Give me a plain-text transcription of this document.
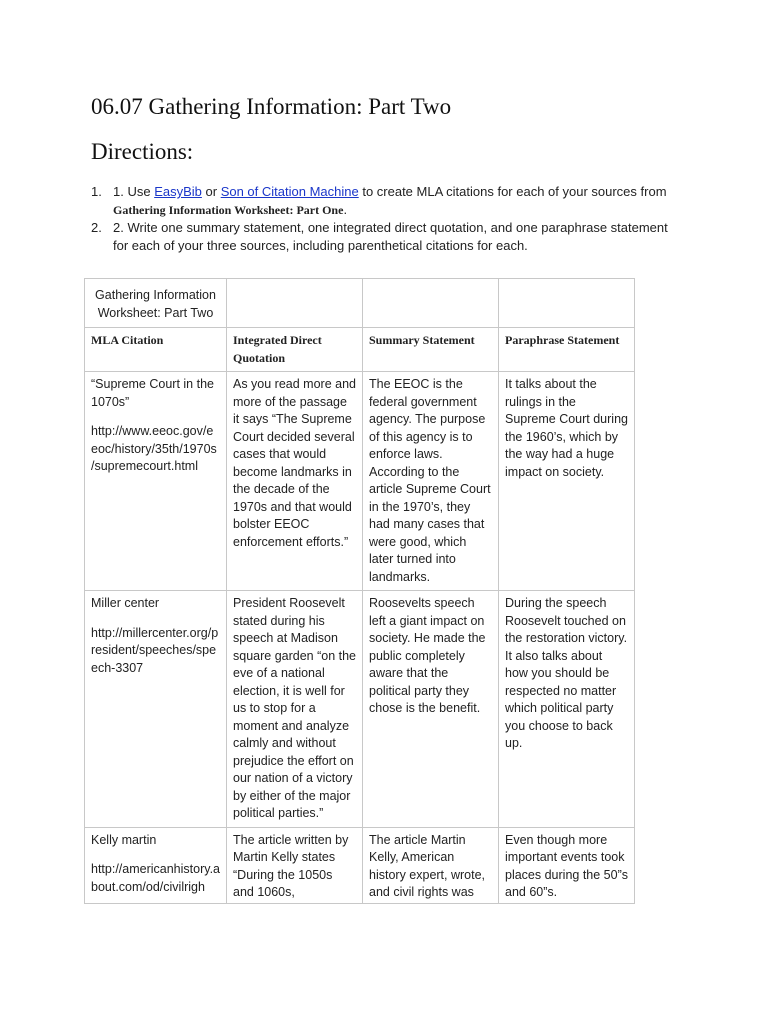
06.07 Gathering Information: Part Two
Directions:
1. 1. Use EasyBib or Son of Citation Machine to create MLA citations for each of your sources from Gathering Information Worksheet: Part One.
2. 2. Write one summary statement, one integrated direct quotation, and one paraphrase statement for each of your three sources, including parenthetical citations for each.
Gathering Information Worksheet: Part Two			
MLA Citation	Integrated Direct Quotation	Summary Statement	Paraphrase Statement
“Supreme Court in the 1070s”
http://www.eeoc.gov/eeoc/history/35th/1970s/supremecourt.html	As you read more and more of the passage it says “The Supreme Court decided several cases that would become landmarks in the decade of the 1970s and that would bolster EEOC enforcement efforts.”	The EEOC is the federal government agency. The purpose of this agency is to enforce laws. According to the article Supreme Court in the 1970’s, they had many cases that were good, which later turned into landmarks.	It talks about the rulings in the Supreme Court during the 1960’s, which by the way had a huge impact on society.
Miller center
http://millercenter.org/president/speeches/speech-3307	President Roosevelt stated during his speech at Madison square garden “on the eve of a national election, it is well for us to stop for a moment and analyze calmly and without prejudice the effort on our nation of a victory by either of the major political parties.”	Roosevelts speech left a giant impact on society. He made the public completely aware that the political party they chose is the benefit.	During the speech Roosevelt touched on the restoration victory. It also talks about how you should be respected no matter which political party you choose to back up.

Kelly martin
http://americanhistory.about.com/od/civilrigh	The article written by Martin Kelly states “During the 1050s and 1060s,	The article Martin Kelly, American history expert, wrote, and civil rights was	Even though more important events took places during the 50”s and 60”s.
